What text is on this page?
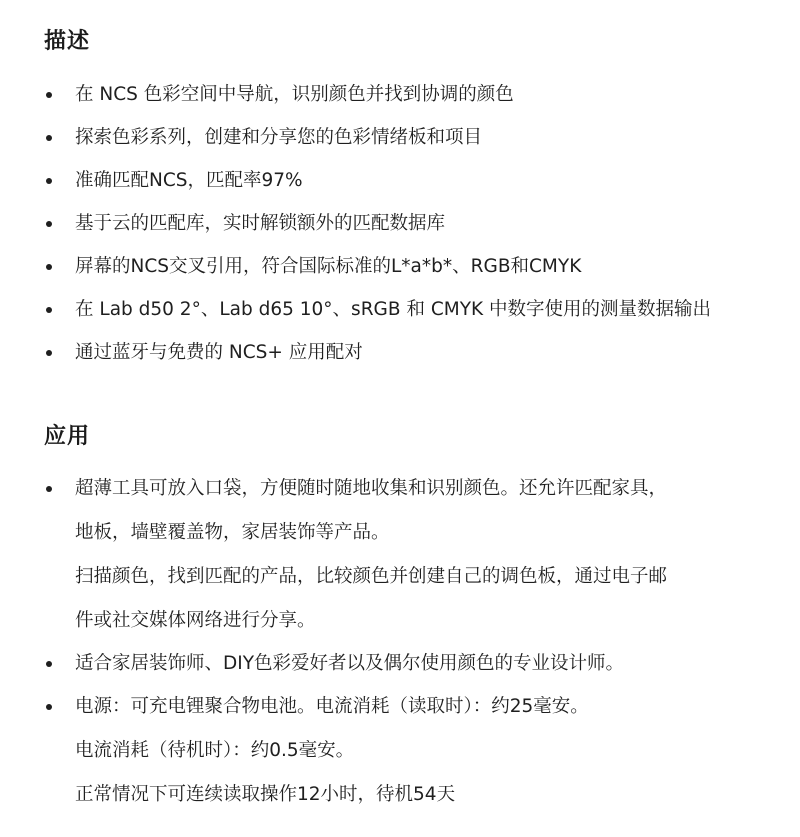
描述
在 NCS 色彩空间中导航，识别颜色并找到协调的颜色
探索色彩系列，创建和分享您的色彩情绪板和项目
准确匹配NCS，匹配率97%
基于云的匹配库，实时解锁额外的匹配数据库
屏幕的NCS交叉引用，符合国际标准的L*a*b*、RGB和CMYK
在 Lab d50 2°、Lab d65 10°、sRGB 和 CMYK 中数字使用的测量数据输出
通过蓝牙与免费的 NCS+ 应用配对
应用
超薄工具可放入口袋，方便随时随地收集和识别颜色。还允许匹配家具，
地板，墙壁覆盖物，家居装饰等产品。
扫描颜色，找到匹配的产品，比较颜色并创建自己的调色板，通过电子邮
件或社交媒体网络进行分享。
适合家居装饰师、DIY色彩爱好者以及偶尔使用颜色的专业设计师。
电源：可充电锂聚合物电池。电流消耗（读取时）：约25毫安。
电流消耗（待机时）：约0.5毫安。
正常情况下可连续读取操作12小时，待机54天
